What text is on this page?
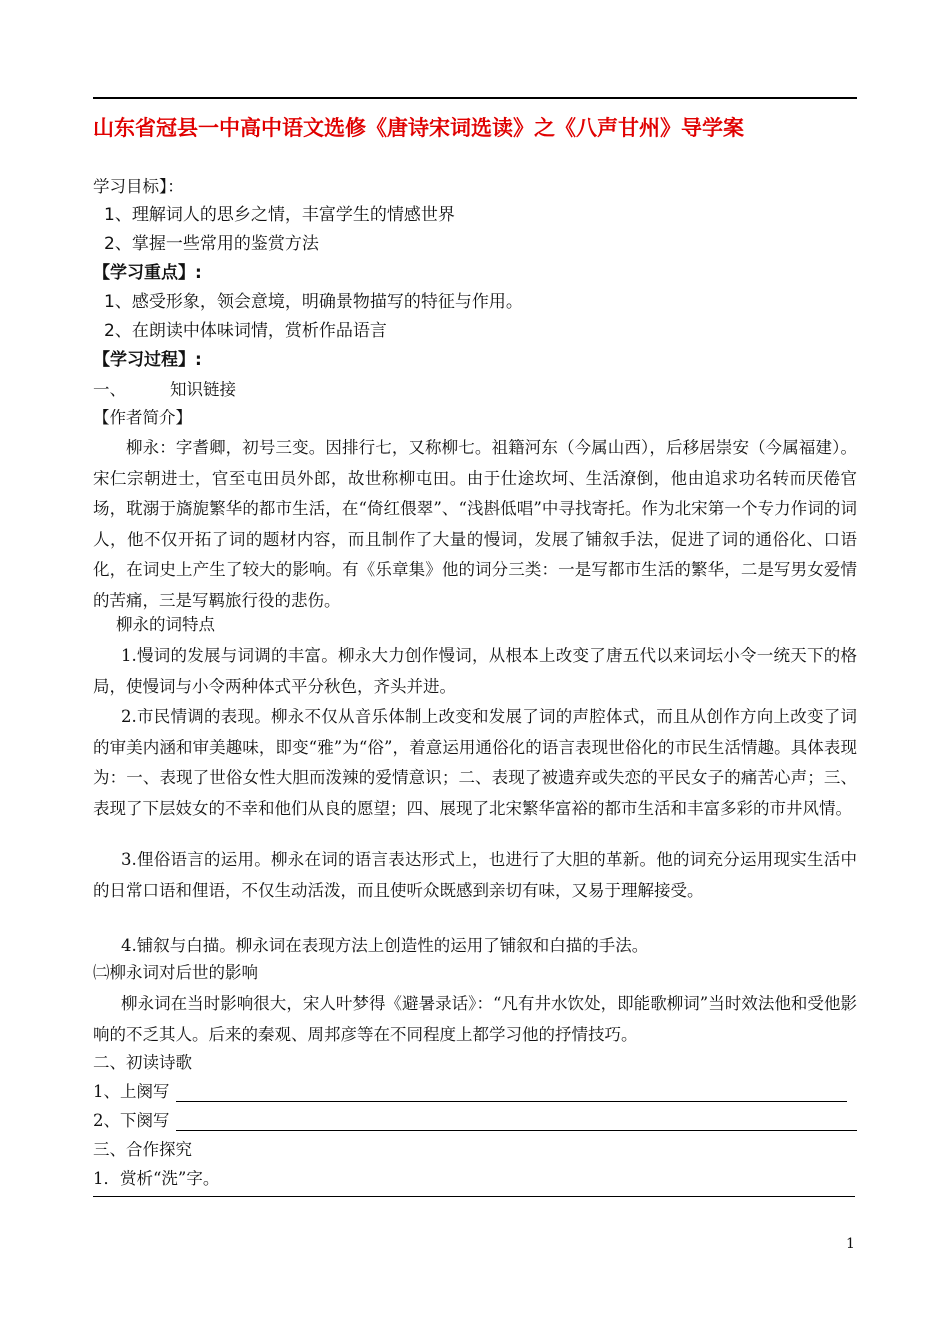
山东省冠县一中高中语文选修《唐诗宋词选读》之《八声甘州》导学案
学习目标】：
1、理解词人的思乡之情，丰富学生的情感世界
2、掌握一些常用的鉴赏方法
【学习重点】:
1、感受形象，领会意境，明确景物描写的特征与作用。
2、在朗读中体味词情，赏析作品语言
【学习过程】:
一、	知识链接
【作者简介】
柳永：字耆卿，初号三变。因排行七，又称柳七。祖籍河东（今属山西），后移居崇安（今属福建）。宋仁宗朝进士，官至屯田员外郎，故世称柳屯田。由于仕途坎坷、生活潦倒，他由追求功名转而厌倦官场，耽溺于旖旎繁华的都市生活，在“倚红偎翠”、“浅斟低唱”中寻找寄托。作为北宋第一个专力作词的词人，他不仅开拓了词的题材内容，而且制作了大量的慢词，发展了铺叙手法，促进了词的通俗化、口语化，在词史上产生了较大的影响。有《乐章集》他的词分三类：一是写都市生活的繁华，二是写男女爱情的苦痛，三是写羁旅行役的悲伤。
柳永的词特点
1.慢词的发展与词调的丰富。柳永大力创作慢词，从根本上改变了唐五代以来词坛小令一统天下的格局，使慢词与小令两种体式平分秋色，齐头并进。
2.市民情调的表现。柳永不仅从音乐体制上改变和发展了词的声腔体式，而且从创作方向上改变了词的审美内涵和审美趣味，即变“雅”为“俗”，着意运用通俗化的语言表现世俗化的市民生活情趣。具体表现为：一、表现了世俗女性大胆而泼辣的爱情意识；二、表现了被遗弃或失恋的平民女子的痛苦心声；三、表现了下层妓女的不幸和他们从良的愿望；四、展现了北宋繁华富裕的都市生活和丰富多彩的市井风情。
3.俚俗语言的运用。柳永在词的语言表达形式上，也进行了大胆的革新。他的词充分运用现实生活中的日常口语和俚语，不仅生动活泼，而且使听众既感到亲切有味，又易于理解接受。
4.铺叙与白描。柳永词在表现方法上创造性的运用了铺叙和白描的手法。
㈡柳永词对后世的影响
柳永词在当时影响很大，宋人叶梦得《避暑录话》：“凡有井水饮处，即能歌柳词”当时效法他和受他影响的不乏其人。后来的秦观、周邦彦等在不同程度上都学习他的抒情技巧。
二、初读诗歌
1、上阕写
2、下阕写
三、合作探究
1．赏析“洗”字。
1
